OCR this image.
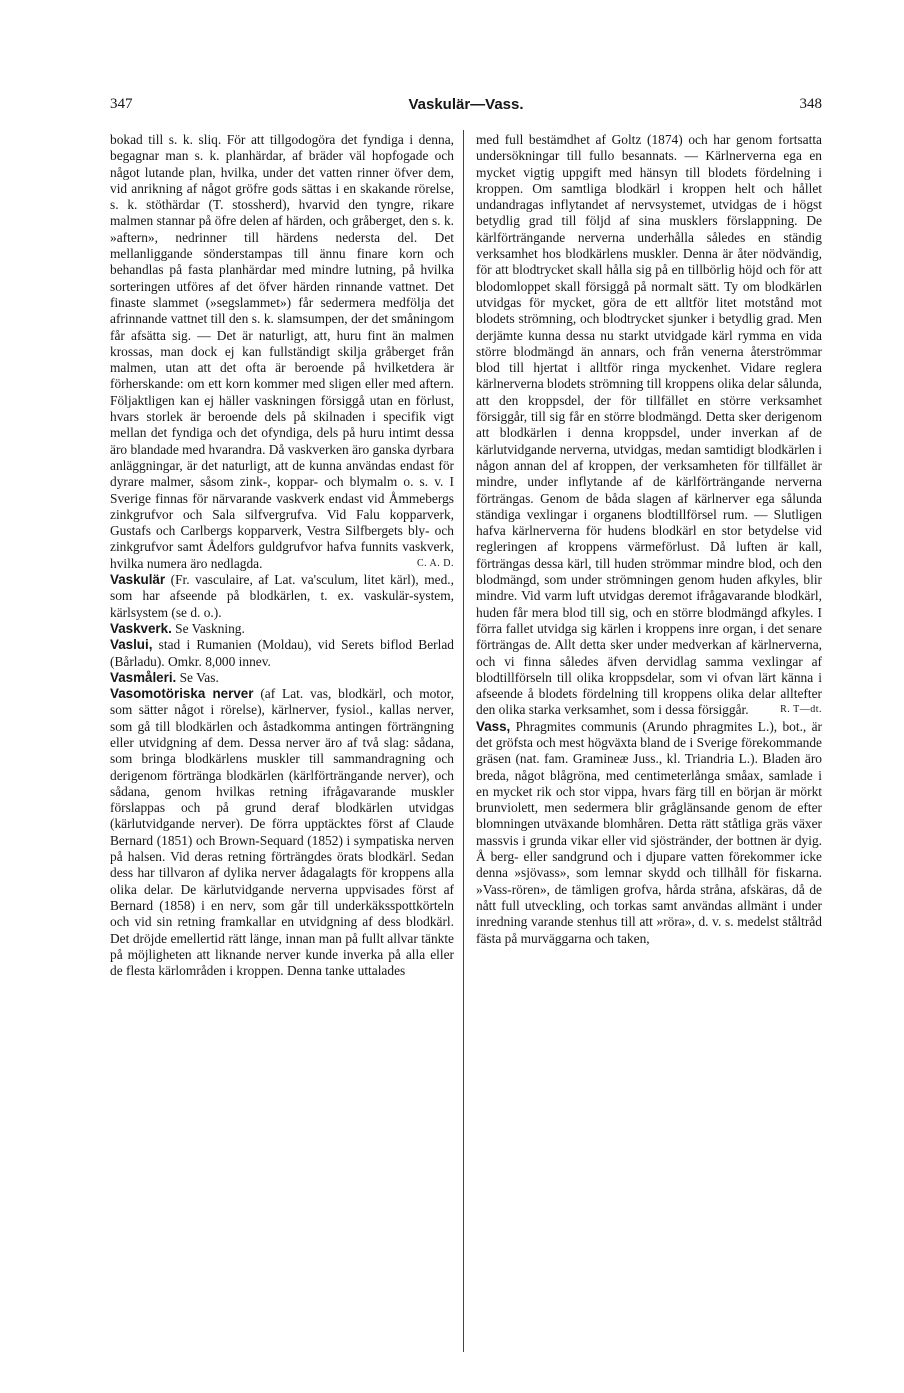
347	Vaskulär—Vass.	348

bokad till s. k. sliq. För att tillgodogöra det fyndiga i denna, begagnar man s. k. planhärdar, af bräder väl hopfogade och något lutande plan, hvilka, under det vatten rinner öfver dem, vid anrikning af något gröfre gods sättas i en skakande rörelse, s. k. stöthärdar (T. stossherd), hvarvid den tyngre, rikare malmen stannar på öfre delen af härden, och gråberget, den s. k. »aftern», nedrinner till härdens nedersta del. Det mellanliggande sönderstampas till ännu finare korn och behandlas på fasta planhärdar med mindre lutning, på hvilka sorteringen utföres af det öfver härden rinnande vattnet. Det finaste slammet (»segslammet») får sedermera medfölja det afrinnande vattnet till den s. k. slamsumpen, der det småningom får afsätta sig. — Det är naturligt, att, huru fint än malmen krossas, man dock ej kan fullständigt skilja gråberget från malmen, utan att det ofta är beroende på hvilketdera är förherskande: om ett korn kommer med sligen eller med aftern. Följaktligen kan ej häller vaskningen försiggå utan en förlust, hvars storlek är beroende dels på skilnaden i specifik vigt mellan det fyndiga och det ofyndiga, dels på huru intimt dessa äro blandade med hvarandra. Då vaskverken äro ganska dyrbara anläggningar, är det naturligt, att de kunna användas endast för dyrare malmer, såsom zink-, koppar- och blymalm o. s. v. I Sverige finnas för närvarande vaskverk endast vid Åmmebergs zinkgrufvor och Sala silfvergrufva. Vid Falu kopparverk, Gustafs och Carlbergs kopparverk, Vestra Silfbergets bly- och zinkgrufvor samt Ådelfors guldgrufvor hafva funnits vaskverk, hvilka numera äro nedlagda.	C. A. D.

Vaskulär (Fr. vasculaire, af Lat. va'sculum, litet kärl), med., som har afseende på blodkärlen, t. ex. vaskulär-system, kärlsystem (se d. o.).

Vaskverk. Se Vaskning.

Vaslui, stad i Rumanien (Moldau), vid Serets biflod Berlad (Bårladu). Omkr. 8,000 innev.

Vasmåleri. Se Vas.

Vasomotöriska nerver (af Lat. vas, blodkärl, och motor, som sätter något i rörelse), kärlnerver, fysiol., kallas nerver, som gå till blodkärlen och åstadkomma antingen förträngning eller utvidgning af dem. Dessa nerver äro af två slag: sådana, som bringa blodkärlens muskler till sammandragning och derigenom förtränga blodkärlen (kärlförträngande nerver), och sådana, genom hvilkas retning ifrågavarande muskler förslappas och på grund deraf blodkärlen utvidgas (kärlutvidgande nerver). De förra upptäcktes först af Claude Bernard (1851) och Brown-Sequard (1852) i sympatiska nerven på halsen. Vid deras retning förträngdes örats blodkärl. Sedan dess har tillvaron af dylika nerver ådagalagts för kroppens alla olika delar. De kärlutvidgande nerverna uppvisades först af Bernard (1858) i en nerv, som går till underkäksspottkörteln och vid sin retning framkallar en utvidgning af dess blodkärl. Det dröjde emellertid rätt länge, innan man på fullt allvar tänkte på möjligheten att liknande nerver kunde inverka på alla eller de flesta kärlområden i kroppen. Denna tanke uttalades

med full bestämdhet af Goltz (1874) och har genom fortsatta undersökningar till fullo besannats. — Kärlnerverna ega en mycket vigtig uppgift med hänsyn till blodets fördelning i kroppen. Om samtliga blodkärl i kroppen helt och hållet undandragas inflytandet af nervsystemet, utvidgas de i högst betydlig grad till följd af sina musklers förslappning. De kärlförträngande nerverna underhålla således en ständig verksamhet hos blodkärlens muskler. Denna är åter nödvändig, för att blodtrycket skall hålla sig på en tillbörlig höjd och för att blodomloppet skall försiggå på normalt sätt. Ty om blodkärlen utvidgas för mycket, göra de ett alltför litet motstånd mot blodets strömning, och blodtrycket sjunker i betydlig grad. Men derjämte kunna dessa nu starkt utvidgade kärl rymma en vida större blodmängd än annars, och från venerna återströmmar blod till hjertat i alltför ringa myckenhet. Vidare reglera kärlnerverna blodets strömning till kroppens olika delar sålunda, att den kroppsdel, der för tillfället en större verksamhet försiggår, till sig får en större blodmängd. Detta sker derigenom att blodkärlen i denna kroppsdel, under inverkan af de kärlutvidgande nerverna, utvidgas, medan samtidigt blodkärlen i någon annan del af kroppen, der verksamheten för tillfället är mindre, under inflytande af de kärlförträngande nerverna förträngas. Genom de båda slagen af kärlnerver ega sålunda ständiga vexlingar i organens blodtillförsel rum. — Slutligen hafva kärlnerverna för hudens blodkärl en stor betydelse vid regleringen af kroppens värmeförlust. Då luften är kall, förträngas dessa kärl, till huden strömmar mindre blod, och den blodmängd, som under strömningen genom huden afkyles, blir mindre. Vid varm luft utvidgas deremot ifrågavarande blodkärl, huden får mera blod till sig, och en större blodmängd afkyles. I förra fallet utvidga sig kärlen i kroppens inre organ, i det senare förträngas de. Allt detta sker under medverkan af kärlnerverna, och vi finna således äfven dervidlag samma vexlingar af blodtillförseln till olika kroppsdelar, som vi ofvan lärt känna i afseende å blodets fördelning till kroppens olika delar alltefter den olika starka verksamhet, som i dessa försiggår.	R. T—dt.

Vass, Phragmites communis (Arundo phragmites L.), bot., är det gröfsta och mest högväxta bland de i Sverige förekommande gräsen (nat. fam. Gramineæ Juss., kl. Triandria L.). Bladen äro breda, något blågröna, med centimeterlånga småax, samlade i en mycket rik och stor vippa, hvars färg till en början är mörkt brunviolett, men sedermera blir gråglänsande genom de efter blomningen utväxande blomhåren. Detta rätt ståtliga gräs växer massvis i grunda vikar eller vid sjöstränder, der bottnen är dyig. Å berg- eller sandgrund och i djupare vatten förekommer icke denna »sjövass», som lemnar skydd och tillhåll för fiskarna. »Vass-rören», de tämligen grofva, hårda stråna, afskäras, då de nått full utveckling, och torkas samt användas allmänt i under inredning varande stenhus till att »röra», d. v. s. medelst ståltråd fästa på murväggarna och taken,
